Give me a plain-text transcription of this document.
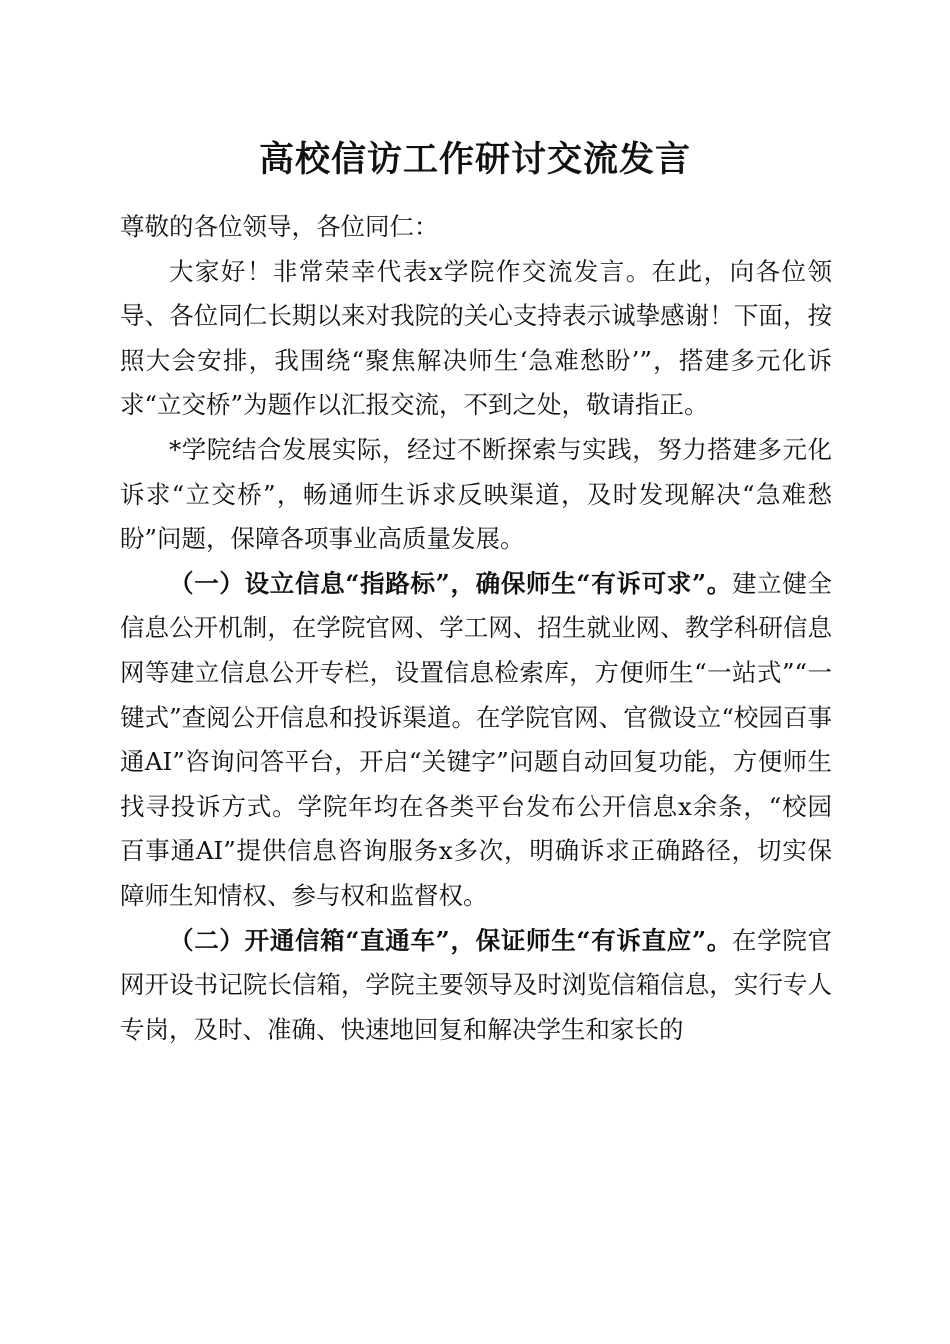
高校信访工作研讨交流发言

尊敬的各位领导，各位同仁：

大家好！非常荣幸代表x学院作交流发言。在此，向各位领导、各位同仁长期以来对我院的关心支持表示诚挚感谢！下面，按照大会安排，我围绕“聚焦解决师生‘急难愁盼’”，搭建多元化诉求“立交桥”为题作以汇报交流，不到之处，敬请指正。

*学院结合发展实际，经过不断探索与实践，努力搭建多元化诉求“立交桥”，畅通师生诉求反映渠道，及时发现解决“急难愁盼”问题，保障各项事业高质量发展。

（一）设立信息“指路标”，确保师生“有诉可求”。建立健全信息公开机制，在学院官网、学工网、招生就业网、教学科研信息网等建立信息公开专栏，设置信息检索库，方便师生“一站式”“一键式”查阅公开信息和投诉渠道。在学院官网、官微设立“校园百事通AI”咨询问答平台，开启“关键字”问题自动回复功能，方便师生找寻投诉方式。学院年均在各类平台发布公开信息x余条，“校园百事通AI”提供信息咨询服务x多次，明确诉求正确路径，切实保障师生知情权、参与权和监督权。

（二）开通信箱“直通车”，保证师生“有诉直应”。在学院官网开设书记院长信箱，学院主要领导及时浏览信箱信息，实行专人专岗，及时、准确、快速地回复和解决学生和家长的
